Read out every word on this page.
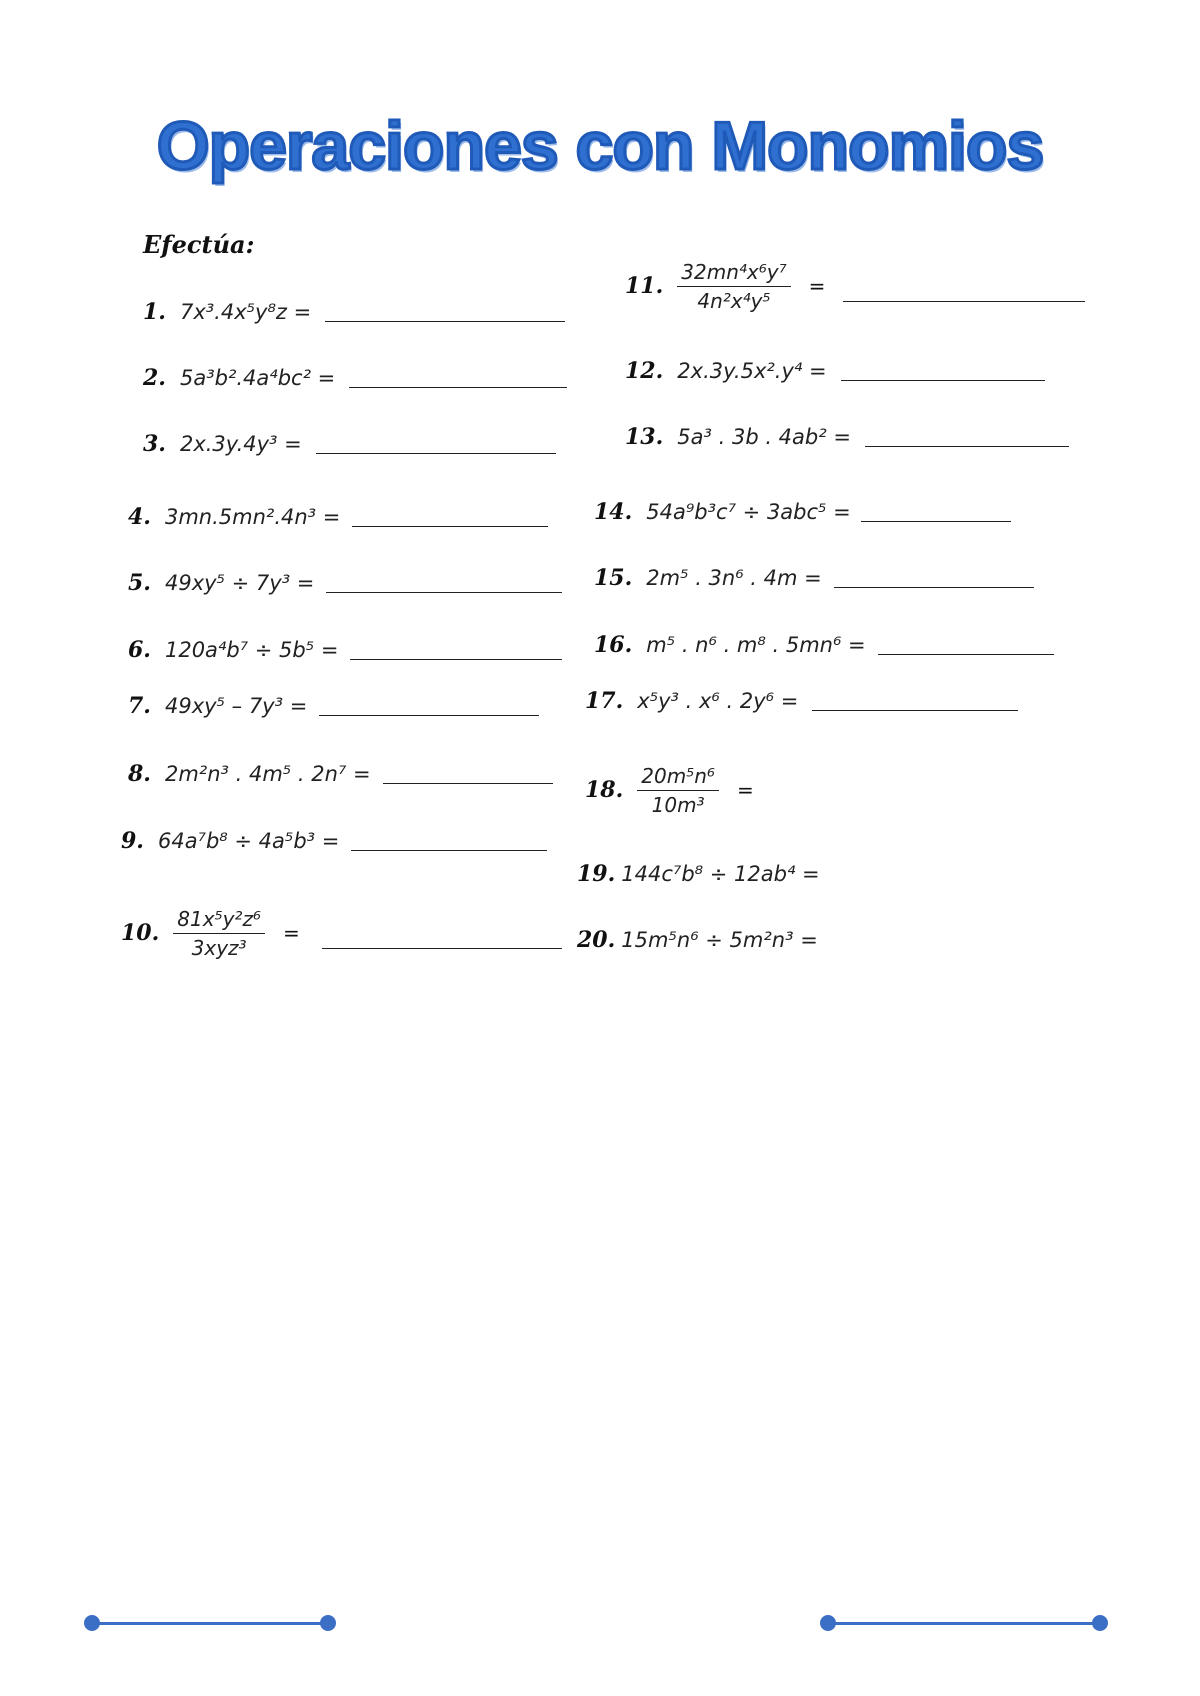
Operaciones con Monomios
Efectúa:
1. 7x³.4x⁵y⁸z =
2. 5a³b².4a⁴bc² =
3. 2x.3y.4y³ =
4. 3mn.5mn².4n³ =
5. 49xy⁵ ÷ 7y³ =
6. 120a⁴b⁷ ÷ 5b⁵ =
7. 49xy⁵ – 7y³ =
8. 2m²n³ . 4m⁵ . 2n⁷ =
9. 64a⁷b⁸ ÷ 4a⁵b³ =
10. $\frac{\text{81x⁵y²z⁶}}{\text{3xyz³}}$ =
11. $\frac{\text{32mn⁴x⁶y⁷}}{\text{4n²x⁴y⁵}}$ =
12. 2x.3y.5x².y⁴ =
13. 5a³ . 3b . 4ab² =
14. 54a⁹b³c⁷ ÷ 3abc⁵ =
15. 2m⁵ . 3n⁶ . 4m =
16. m⁵ . n⁶ . m⁸ . 5mn⁶ =
17. x⁵y³ . x⁶ . 2y⁶ =
18. $\frac{\text{20m⁵n⁶}}{\text{10m³}}$ =
19. 144c⁷b⁸ ÷ 12ab⁴ =
20. 15m⁵n⁶ ÷ 5m²n³ =
